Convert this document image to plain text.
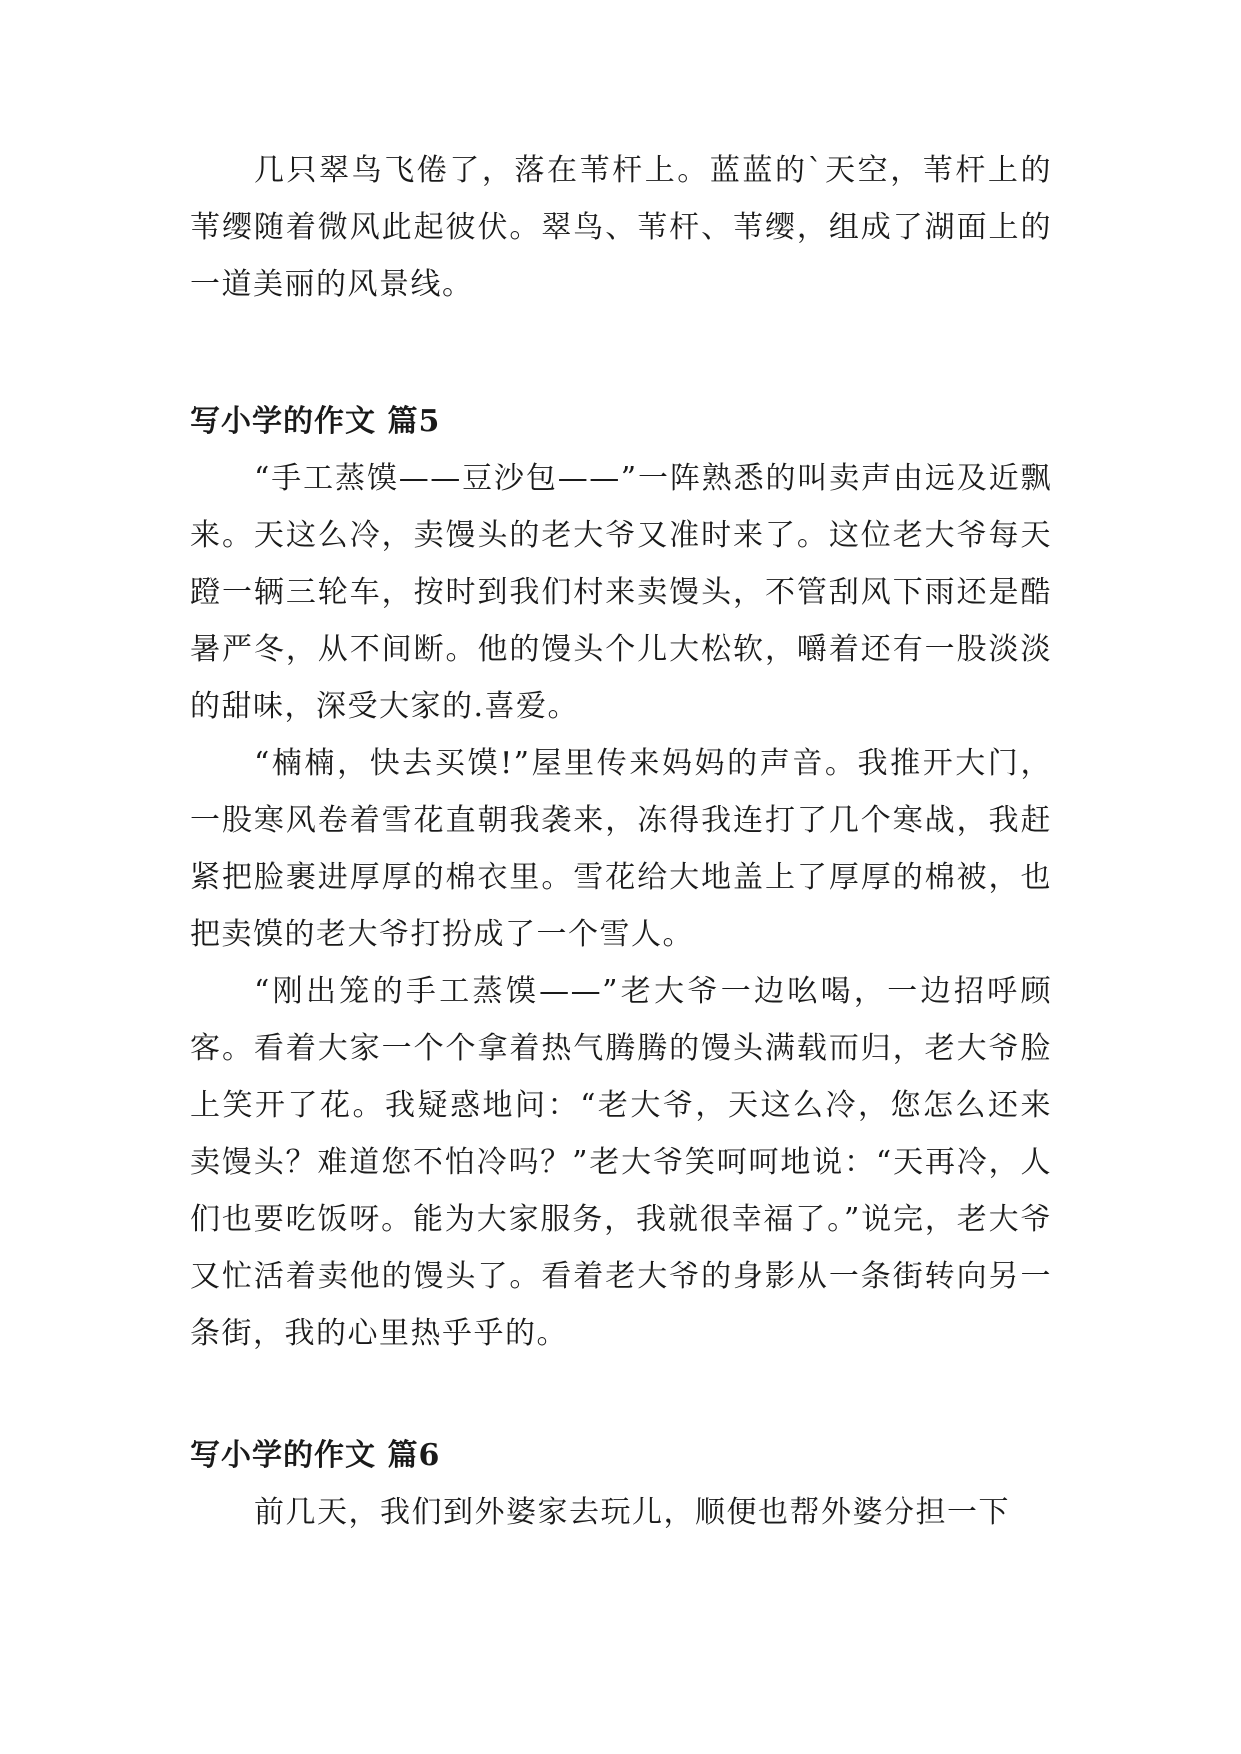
几只翠鸟飞倦了，落在苇杆上。蓝蓝的`天空，苇杆上的苇缨随着微风此起彼伏。翠鸟、苇杆、苇缨，组成了湖面上的一道美丽的风景线。

写小学的作文 篇5

“手工蒸馍——豆沙包——”一阵熟悉的叫卖声由远及近飘来。天这么冷，卖馒头的老大爷又准时来了。这位老大爷每天蹬一辆三轮车，按时到我们村来卖馒头，不管刮风下雨还是酷暑严冬，从不间断。他的馒头个儿大松软，嚼着还有一股淡淡的甜味，深受大家的.喜爱。

“楠楠，快去买馍!”屋里传来妈妈的声音。我推开大门，一股寒风卷着雪花直朝我袭来，冻得我连打了几个寒战，我赶紧把脸裹进厚厚的棉衣里。雪花给大地盖上了厚厚的棉被，也把卖馍的老大爷打扮成了一个雪人。

“刚出笼的手工蒸馍——”老大爷一边吆喝，一边招呼顾客。看着大家一个个拿着热气腾腾的馒头满载而归，老大爷脸上笑开了花。我疑惑地问：“老大爷，天这么冷，您怎么还来卖馒头？难道您不怕冷吗？”老大爷笑呵呵地说：“天再冷，人们也要吃饭呀。能为大家服务，我就很幸福了。”说完，老大爷又忙活着卖他的馒头了。看着老大爷的身影从一条街转向另一条街，我的心里热乎乎的。

写小学的作文 篇6

前几天，我们到外婆家去玩儿，顺便也帮外婆分担一下
